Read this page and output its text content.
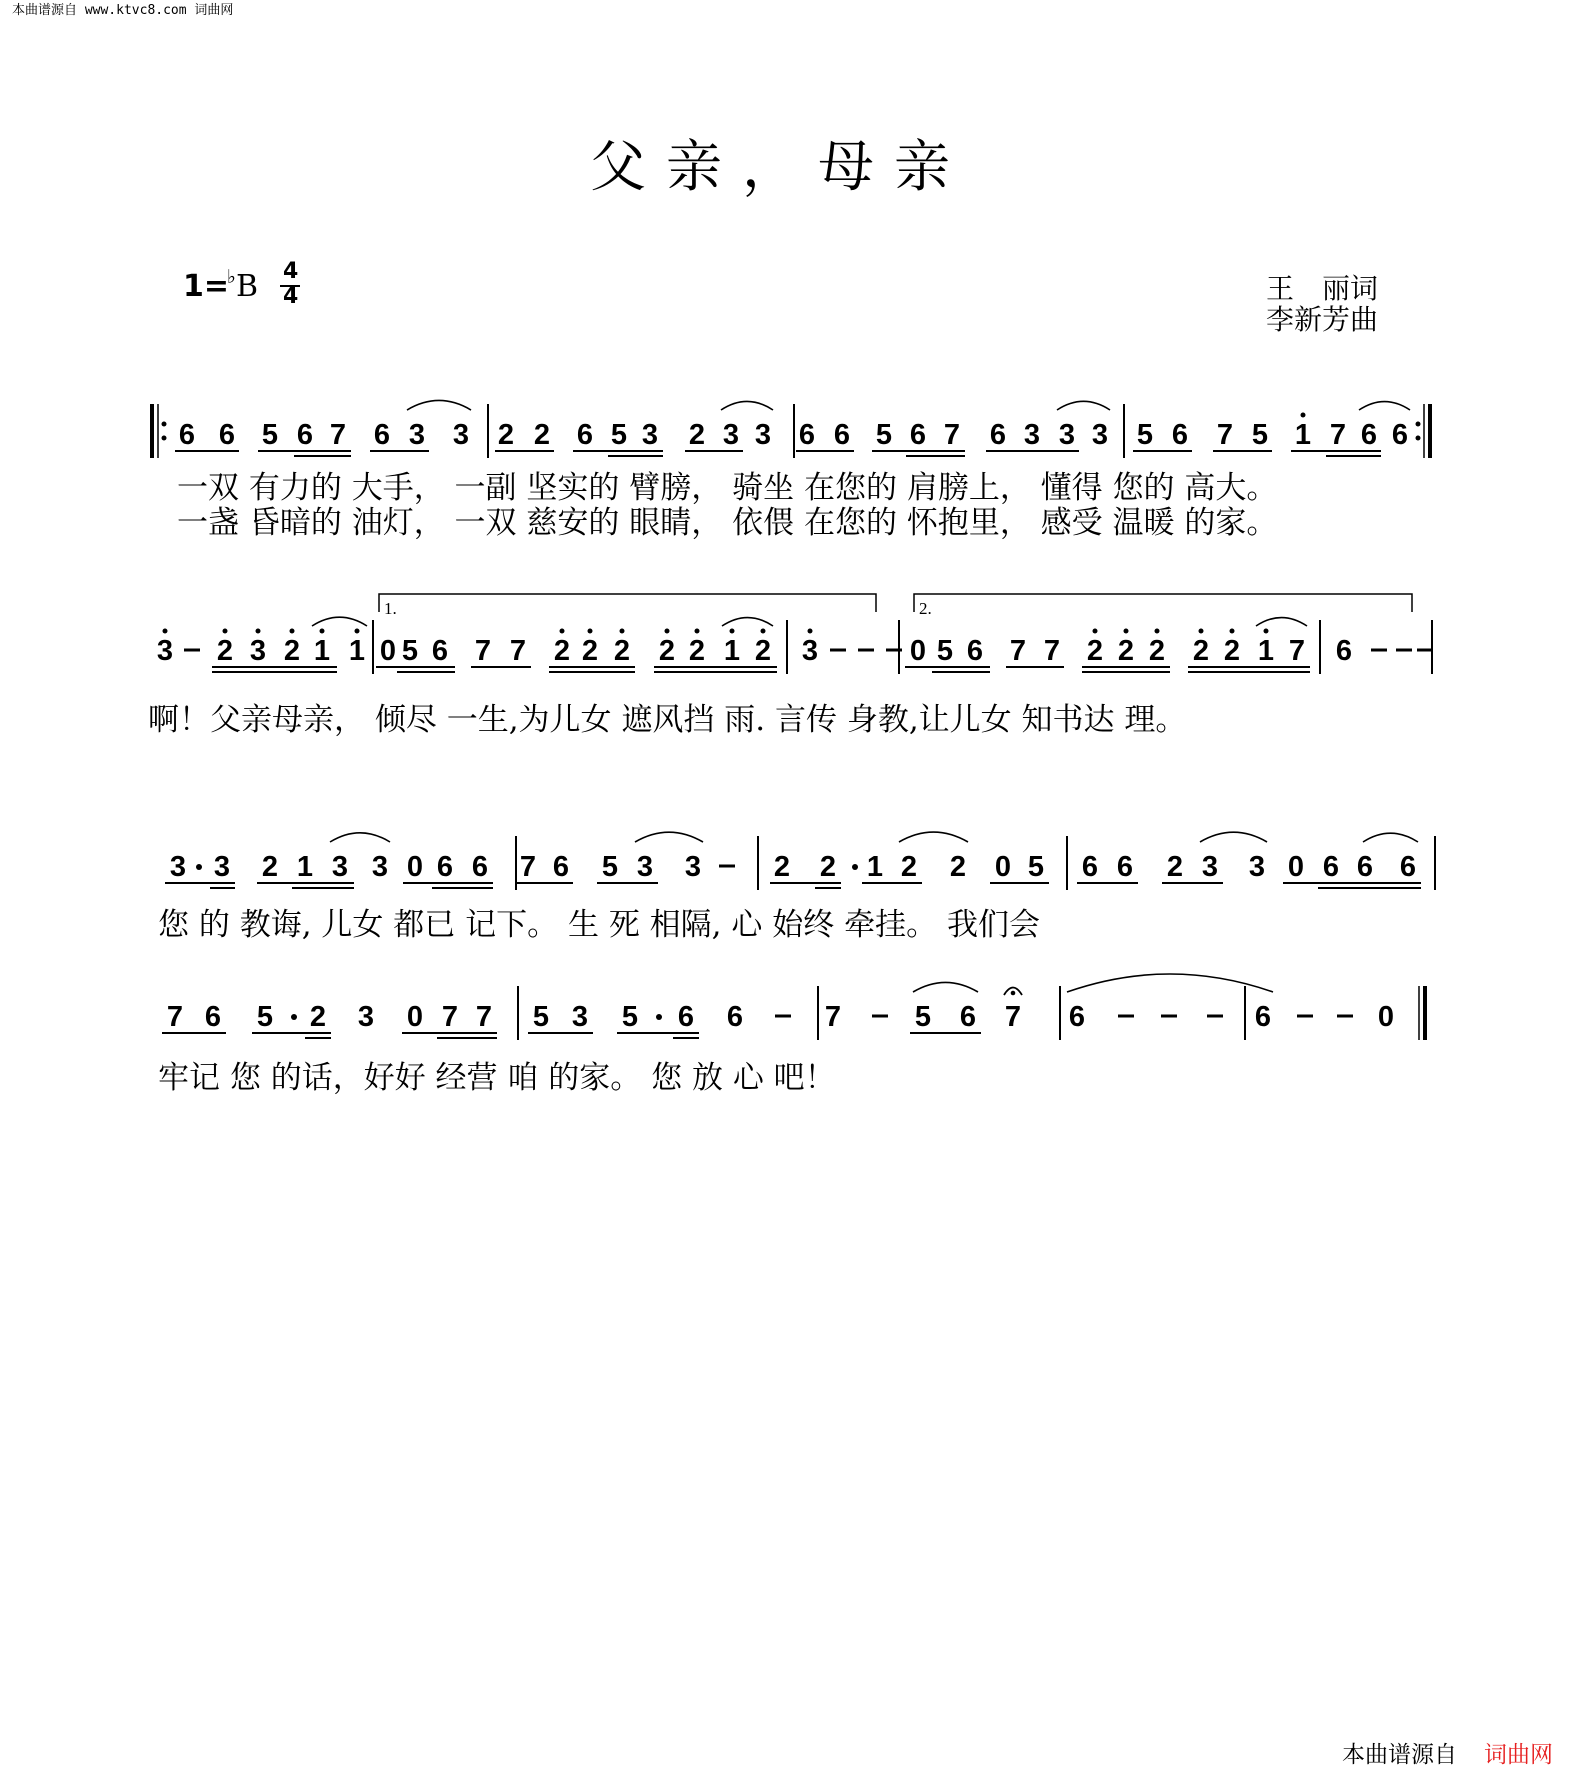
本曲谱源自 www.ktvc8.com 词曲网
父亲，母亲
1=
♭ B 4
4	王　丽词
李新芳曲
6 6 5 6 7 6 3 3 2 2 6 5 3 2 3 3 6 6 5 6 7 6 3 3 3 5 6 7 5 1 7 6 6
一双 有力的 大手， 一副 坚实的 臂膀， 骑坐 在您的 肩膀上， 懂得 您的 高大。
一盏 昏暗的 油灯， 一双 慈安的 眼睛， 依偎 在您的 怀抱里， 感受 温暖 的家。
3 2 3 2 1 1 0 5 6 7 7 2 2 2 2 2 1 2 3	0 5 6 7 7 2 2 2 2 2 1 7 6
1.	2.
啊！父亲母亲， 倾尽 一生,为儿女 遮风挡 雨. 言传 身教,让儿女 知书达 理。
3 3 2 1 3 3 0 6 6 7 6 5 3 3	2 2 1 2 2 0 5 6 6 2 3 3 0 6 6 6
您 的 教诲, 儿女 都已 记下。 生 死 相隔, 心 始终 牵挂。 我们会
7 6 5 2 3 0 7 7 5 3 5 6 6	7	5 6 7 6	6	0
牢记 您 的话，好好 经营 咱 的家。 您 放 心 吧！
本曲谱源自 词曲网
